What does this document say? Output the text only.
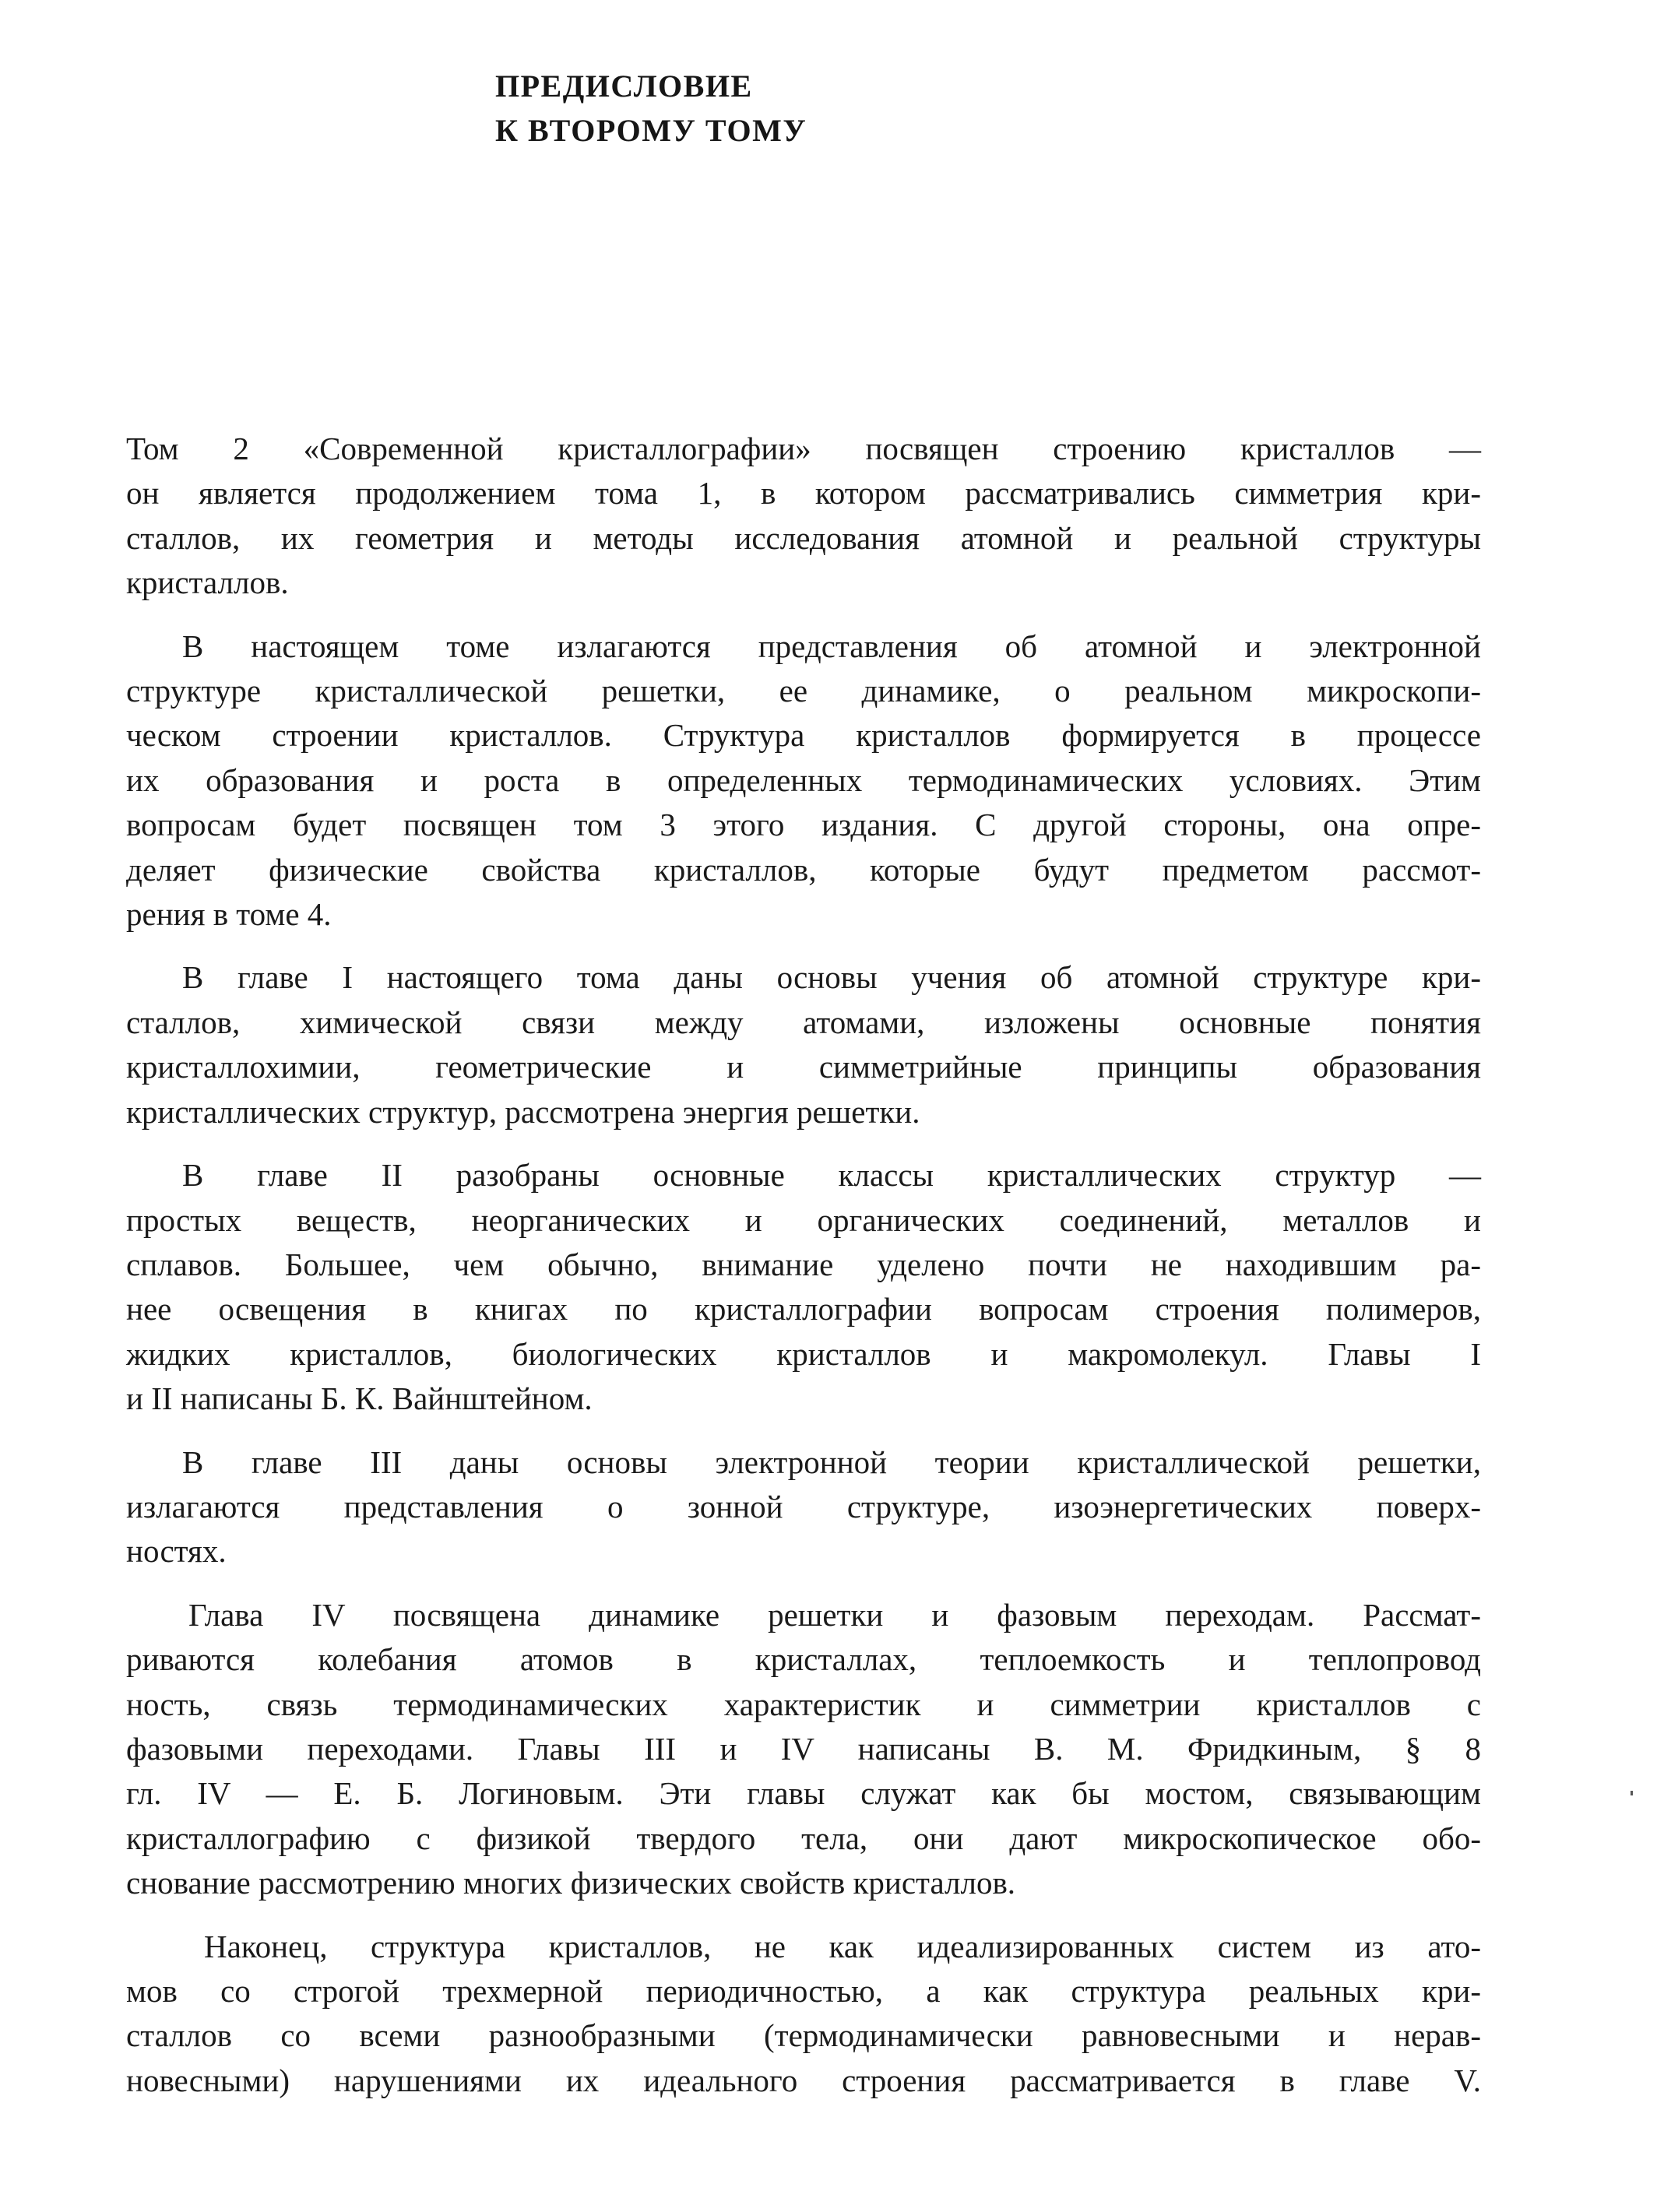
ПРЕДИСЛОВИЕ
К ВТОРОМУ ТОМУ

Том 2 «Современной кристаллографии» посвящен строению кристаллов —
он является продолжением тома 1, в котором рассматривались симметрия кри-
сталлов, их геометрия и методы исследования атомной и реальной структуры
кристаллов.

В настоящем томе излагаются представления об атомной и электронной
структуре кристаллической решетки, ее динамике, о реальном микроскопи-
ческом строении кристаллов. Структура кристаллов формируется в процессе
их образования и роста в определенных термодинамических условиях. Этим
вопросам будет посвящен том 3 этого издания. С другой стороны, она опре-
деляет физические свойства кристаллов, которые будут предметом рассмот-
рения в томе 4.

В главе I настоящего тома даны основы учения об атомной структуре кри-
сталлов, химической связи между атомами, изложены основные понятия
кристаллохимии, геометрические и симметрийные принципы образования
кристаллических структур, рассмотрена энергия решетки.

В главе II разобраны основные классы кристаллических структур —
простых веществ, неорганических и органических соединений, металлов и
сплавов. Большее, чем обычно, внимание уделено почти не находившим ра-
нее освещения в книгах по кристаллографии вопросам строения полимеров,
жидких кристаллов, биологических кристаллов и макромолекул. Главы I
и II написаны Б. К. Вайнштейном.

В главе III даны основы электронной теории кристаллической решетки,
излагаются представления о зонной структуре, изоэнергетических поверх-
ностях.

Глава IV посвящена динамике решетки и фазовым переходам. Рассмат-
риваются колебания атомов в кристаллах, теплоемкость и теплопровод
ность, связь термодинамических характеристик и симметрии кристаллов с
фазовыми переходами. Главы III и IV написаны В. М. Фридкиным, § 8
гл. IV — Е. Б. Логиновым. Эти главы служат как бы мостом, связывающим
кристаллографию с физикой твердого тела, они дают микроскопическое обо-
снование рассмотрению многих физических свойств кристаллов.

Наконец, структура кристаллов, не как идеализированных систем из ато-
мов со строгой трехмерной периодичностью, а как структура реальных кри-
сталлов со всеми разнообразными (термодинамически равновесными и нерав-
новесными) нарушениями их идеального строения рассматривается в главе V.
